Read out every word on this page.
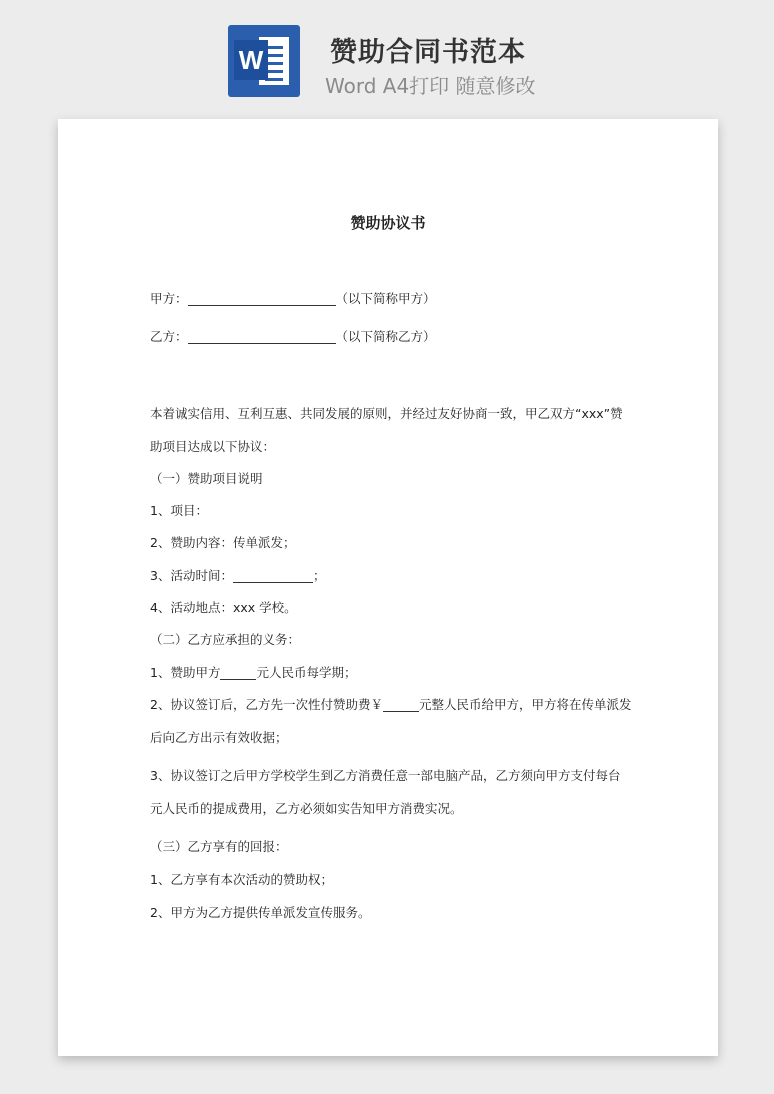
W 赞助合同书范本
Word A4打印 随意修改
赞助协议书
甲方：	（以下简称甲方）
乙方：	（以下简称乙方）
本着诚实信用、互利互惠、共同发展的原则，并经过友好协商一致，甲乙双方“xxx”赞
助项目达成以下协议：
（一）赞助项目说明
1、项目：
2、赞助内容：传单派发；
3、活动时间：	；
4、活动地点：xxx 学校。
（二）乙方应承担的义务：
1、赞助甲方	元人民币每学期；
2、协议签订后，乙方先一次性付赞助费￥	元整人民币给甲方，甲方将在传单派发
后向乙方出示有效收据；
3、协议签订之后甲方学校学生到乙方消费任意一部电脑产品，乙方须向甲方支付每台
元人民币的提成费用，乙方必须如实告知甲方消费实况。
（三）乙方享有的回报：
1、乙方享有本次活动的赞助权；
2、甲方为乙方提供传单派发宣传服务。
